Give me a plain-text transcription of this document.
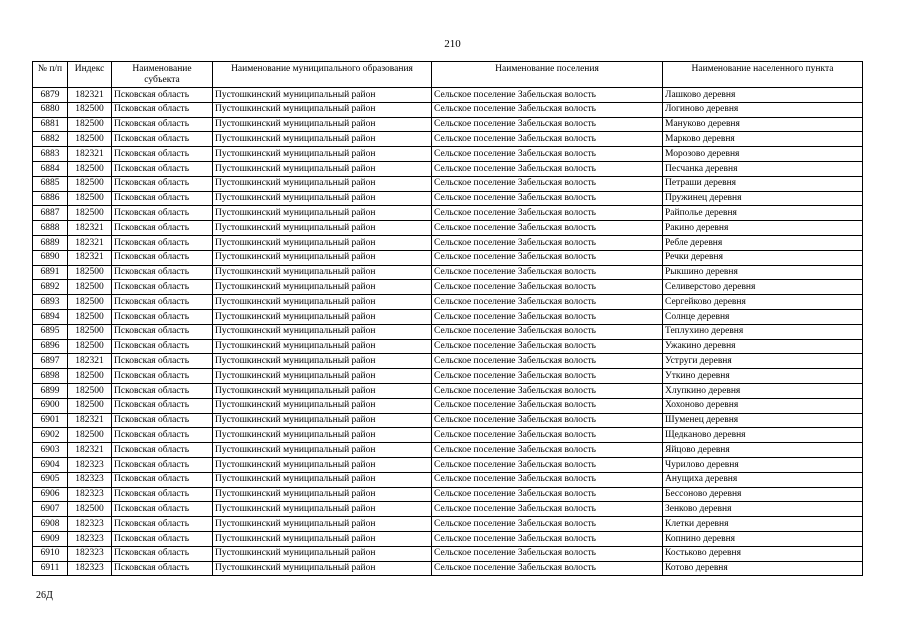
210
№ п/п	Индекс	Наименование субъекта	Наименование муниципального образования	Наименование поселения	Наименование населенного пункта
6879	182321	Псковская область	Пустошкинский муниципальный район	Сельское поселение Забельская волость	Лашково деревня
6880	182500	Псковская область	Пустошкинский муниципальный район	Сельское поселение Забельская волость	Логиново деревня
6881	182500	Псковская область	Пустошкинский муниципальный район	Сельское поселение Забельская волость	Мануково деревня
6882	182500	Псковская область	Пустошкинский муниципальный район	Сельское поселение Забельская волость	Марково деревня
6883	182321	Псковская область	Пустошкинский муниципальный район	Сельское поселение Забельская волость	Морозово деревня
6884	182500	Псковская область	Пустошкинский муниципальный район	Сельское поселение Забельская волость	Песчанка деревня
6885	182500	Псковская область	Пустошкинский муниципальный район	Сельское поселение Забельская волость	Петраши деревня
6886	182500	Псковская область	Пустошкинский муниципальный район	Сельское поселение Забельская волость	Пружинец деревня
6887	182500	Псковская область	Пустошкинский муниципальный район	Сельское поселение Забельская волость	Райполье деревня
6888	182321	Псковская область	Пустошкинский муниципальный район	Сельское поселение Забельская волость	Ракино деревня
6889	182321	Псковская область	Пустошкинский муниципальный район	Сельское поселение Забельская волость	Ребле деревня
6890	182321	Псковская область	Пустошкинский муниципальный район	Сельское поселение Забельская волость	Речки деревня
6891	182500	Псковская область	Пустошкинский муниципальный район	Сельское поселение Забельская волость	Рыкшино деревня
6892	182500	Псковская область	Пустошкинский муниципальный район	Сельское поселение Забельская волость	Селиверстово деревня
6893	182500	Псковская область	Пустошкинский муниципальный район	Сельское поселение Забельская волость	Сергейково деревня
6894	182500	Псковская область	Пустошкинский муниципальный район	Сельское поселение Забельская волость	Солнце деревня
6895	182500	Псковская область	Пустошкинский муниципальный район	Сельское поселение Забельская волость	Теплухино деревня
6896	182500	Псковская область	Пустошкинский муниципальный район	Сельское поселение Забельская волость	Ужакино деревня
6897	182321	Псковская область	Пустошкинский муниципальный район	Сельское поселение Забельская волость	Уструги деревня
6898	182500	Псковская область	Пустошкинский муниципальный район	Сельское поселение Забельская волость	Уткино деревня
6899	182500	Псковская область	Пустошкинский муниципальный район	Сельское поселение Забельская волость	Хлупкино деревня
6900	182500	Псковская область	Пустошкинский муниципальный район	Сельское поселение Забельская волость	Хохоново деревня
6901	182321	Псковская область	Пустошкинский муниципальный район	Сельское поселение Забельская волость	Шуменец деревня
6902	182500	Псковская область	Пустошкинский муниципальный район	Сельское поселение Забельская волость	Щедканово деревня
6903	182321	Псковская область	Пустошкинский муниципальный район	Сельское поселение Забельская волость	Яйцово деревня
6904	182323	Псковская область	Пустошкинский муниципальный район	Сельское поселение Забельская волость	Чурилово деревня
6905	182323	Псковская область	Пустошкинский муниципальный район	Сельское поселение Забельская волость	Анущиха деревня
6906	182323	Псковская область	Пустошкинский муниципальный район	Сельское поселение Забельская волость	Бессоново деревня
6907	182500	Псковская область	Пустошкинский муниципальный район	Сельское поселение Забельская волость	Зенково деревня
6908	182323	Псковская область	Пустошкинский муниципальный район	Сельское поселение Забельская волость	Клетки деревня
6909	182323	Псковская область	Пустошкинский муниципальный район	Сельское поселение Забельская волость	Копнино деревня
6910	182323	Псковская область	Пустошкинский муниципальный район	Сельское поселение Забельская волость	Костьково деревня
6911	182323	Псковская область	Пустошкинский муниципальный район	Сельское поселение Забельская волость	Котово деревня
26Д
